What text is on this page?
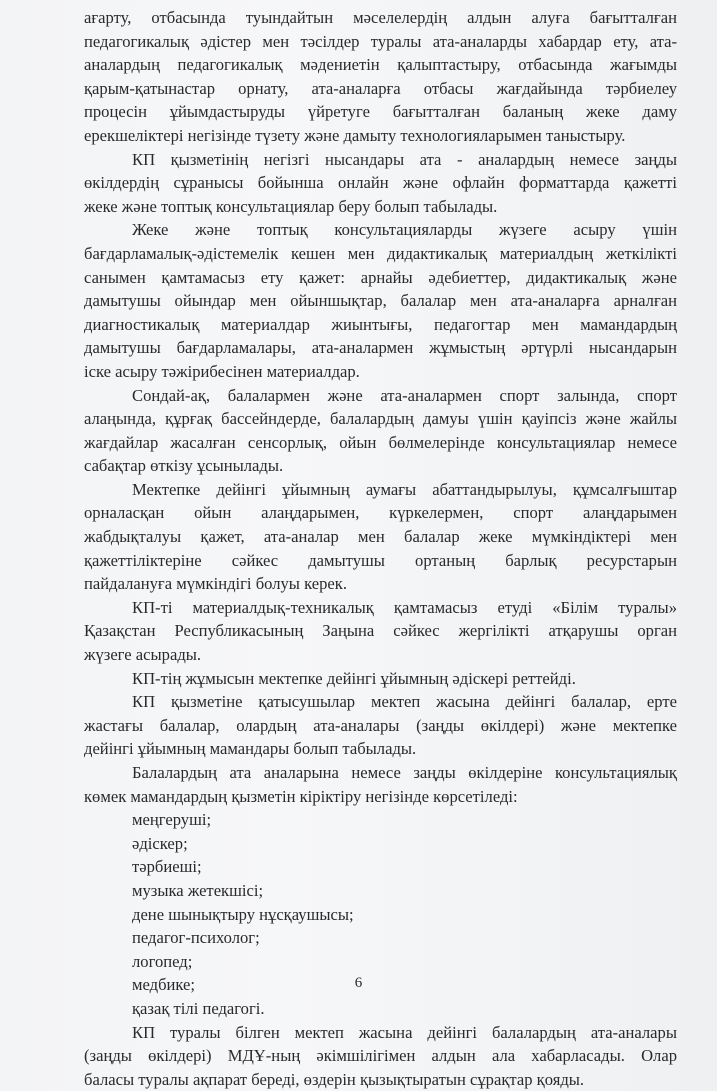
ағарту, отбасында туындайтын мәселелердің алдын алуға бағытталған
педагогикалық әдістер мен тәсілдер туралы ата-аналарды хабардар ету, ата-
аналардың педагогикалық мәдениетін қалыптастыру, отбасында жағымды
қарым-қатынастар орнату, ата-аналарға отбасы жағдайында тәрбиелеу
процесін ұйымдастыруды үйретуге бағытталған баланың жеке даму
ерекшеліктері негізінде түзету және дамыту технологияларымен таныстыру.
КП қызметінің негізгі нысандары ата - аналардың немесе заңды
өкілдердің сұранысы бойынша онлайн және офлайн форматтарда қажетті
жеке және топтық консультациялар беру болып табылады.
Жеке және топтық консультацияларды жүзеге асыру үшін
бағдарламалық-әдістемелік кешен мен дидактикалық материалдың жеткілікті
санымен қамтамасыз ету қажет: арнайы әдебиеттер, дидактикалық және
дамытушы ойындар мен ойыншықтар, балалар мен ата-аналарға арналған
диагностикалық материалдар жиынтығы, педагогтар мен мамандардың
дамытушы бағдарламалары, ата-аналармен жұмыстың әртүрлі нысандарын
іске асыру тәжірибесінен материалдар.
Сондай-ақ, балалармен және ата-аналармен спорт залында, спорт
алаңында, құрғақ бассейндерде, балалардың дамуы үшін қауіпсіз және жайлы
жағдайлар жасалған сенсорлық, ойын бөлмелерінде консультациялар немесе
сабақтар өткізу ұсынылады.
Мектепке дейінгі ұйымның аумағы абаттандырылуы, құмсалғыштар
орналасқан ойын алаңдарымен, күркелермен, спорт алаңдарымен
жабдықталуы қажет, ата-аналар мен балалар жеке мүмкіндіктері мен
қажеттіліктеріне сәйкес дамытушы ортаның барлық ресурстарын
пайдалануға мүмкіндігі болуы керек.
КП-ті материалдық-техникалық қамтамасыз етуді «Білім туралы»
Қазақстан Республикасының Заңына сәйкес жергілікті атқарушы орган
жүзеге асырады.
КП-тің жұмысын мектепке дейінгі ұйымның әдіскері реттейді.
КП қызметіне қатысушылар мектеп жасына дейінгі балалар, ерте
жастағы балалар, олардың ата-аналары (заңды өкілдері) және мектепке
дейінгі ұйымның мамандары болып табылады.
Балалардың ата аналарына немесе заңды өкілдеріне консультациялық
көмек мамандардың қызметін кіріктіру негізінде көрсетіледі:
меңгеруші;
әдіскер;
тәрбиеші;
музыка жетекшісі;
дене шынықтыру нұсқаушысы;
педагог-психолог;
логопед;
медбике;
қазақ тілі педагогі.
КП туралы білген мектеп жасына дейінгі балалардың ата-аналары
(заңды өкілдері) МДҰ-ның әкімшілігімен алдын ала хабарласады. Олар
баласы туралы ақпарат береді, өздерін қызықтыратын сұрақтар қояды.
6
